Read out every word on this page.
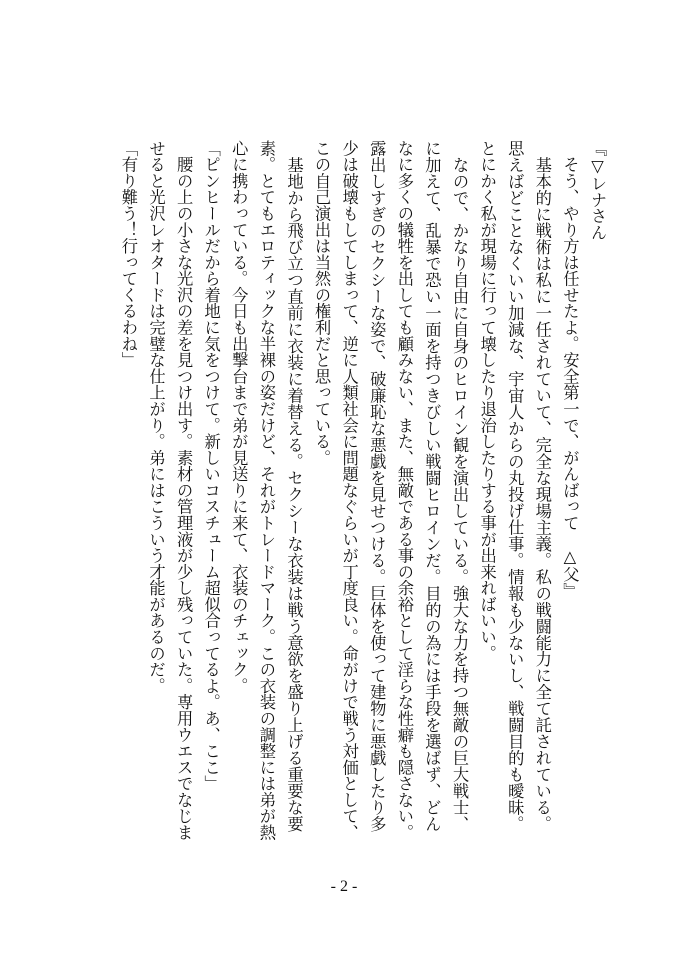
『▽レナさん
　そう、やり方は任せたよ。安全第一で、がんばって　△父』
　基本的に戦術は私に一任されていて、完全な現場主義。私の戦闘能力に全て託されている。
思えばどことなくいい加減な、宇宙人からの丸投げ仕事。情報も少ないし、戦闘目的も曖昧。
とにかく私が現場に行って壊したり退治したりする事が出来ればいい。
　なので、かなり自由に自身のヒロイン観を演出している。強大な力を持つ無敵の巨大戦士、
に加えて、乱暴で恐い一面を持つきびしい戦闘ヒロインだ。目的の為には手段を選ばず、どん
なに多くの犠牲を出しても顧みない、また、無敵である事の余裕として淫らな性癖も隠さない。
露出しすぎのセクシーな姿で、破廉恥な悪戯を見せつける。巨体を使って建物に悪戯したり多
少は破壊もしてしまって、逆に人類社会に問題なぐらいが丁度良い。命がけで戦う対価として、
この自己演出は当然の権利だと思っている。
　基地から飛び立つ直前に衣装に着替える。セクシーな衣装は戦う意欲を盛り上げる重要な要
素。とてもエロティックな半裸の姿だけど、それがトレードマーク。この衣装の調整には弟が熱
心に携わっている。今日も出撃台まで弟が見送りに来て、衣装のチェック。
「ピンヒールだから着地に気をつけて。新しいコスチューム超似合ってるよ。あ、ここ」
　腰の上の小さな光沢の差を見つけ出す。素材の管理液が少し残っていた。専用ウエスでなじま
せると光沢レオタードは完璧な仕上がり。弟にはこういう才能があるのだ。
「有り難う！行ってくるわね」
- 2 -
